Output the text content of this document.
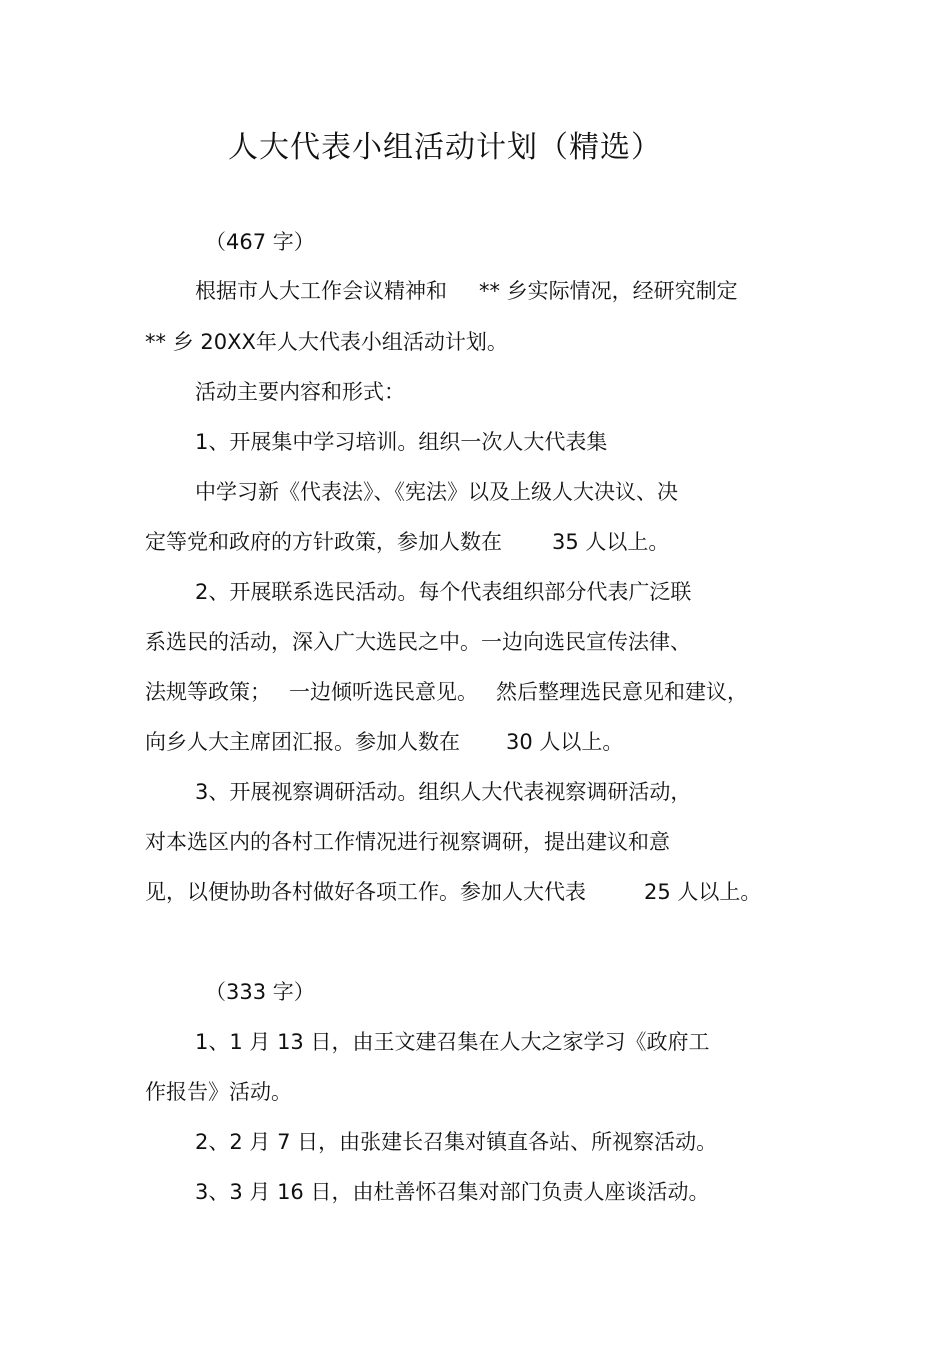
人大代表小组活动计划（精选）

（467 字）

根据市人大工作会议精神和 ** 乡实际情况，经研究制定

** 乡 20XX年人大代表小组活动计划。

活动主要内容和形式：

1、开展集中学习培训。组织一次人大代表集

中学习新《代表法》、《宪法》以及上级人大决议、决

定等党和政府的方针政策，参加人数在 35 人以上。

2、开展联系选民活动。每个代表组织部分代表广泛联

系选民的活动，深入广大选民之中。一边向选民宣传法律、

法规等政策； 一边倾听选民意见。 然后整理选民意见和建议，

向乡人大主席团汇报。参加人数在 30 人以上。

3、开展视察调研活动。组织人大代表视察调研活动，

对本选区内的各村工作情况进行视察调研，提出建议和意

见，以便协助各村做好各项工作。参加人大代表	25 人以上。

（333 字）

1、1 月 13 日，由王文建召集在人大之家学习《政府工

作报告》活动。

2、2 月 7 日，由张建长召集对镇直各站、所视察活动。

3、3 月 16 日，由杜善怀召集对部门负责人座谈活动。
